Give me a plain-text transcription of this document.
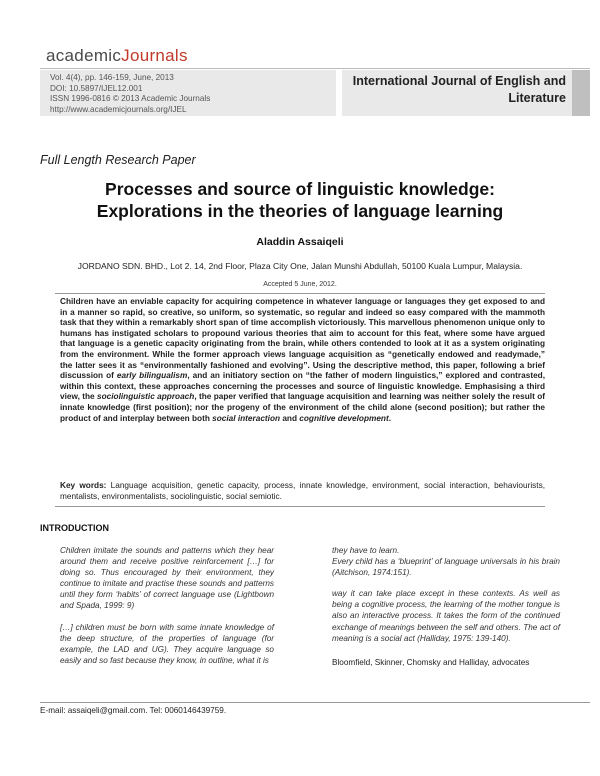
academicJournals
Vol. 4(4), pp. 146-159, June, 2013
DOI: 10.5897/IJEL12.001
ISSN 1996-0816 © 2013 Academic Journals
http://www.academicjournals.org/IJEL
International Journal of English and
Literature
Full Length Research Paper
Processes and source of linguistic knowledge:
Explorations in the theories of language learning
Aladdin Assaiqeli
JORDANO SDN. BHD., Lot 2. 14, 2nd Floor, Plaza City One, Jalan Munshi Abdullah, 50100 Kuala Lumpur, Malaysia.
Accepted 5 June, 2012.
Children have an enviable capacity for acquiring competence in whatever language or languages they get exposed to and in a manner so rapid, so creative, so uniform, so systematic, so regular and indeed so easy compared with the mammoth task that they within a remarkably short span of time accomplish victoriously. This marvellous phenomenon unique only to humans has instigated scholars to propound various theories that aim to account for this feat, where some have argued that language is a genetic capacity originating from the brain, while others contended to look at it as a system originating from the environment. While the former approach views language acquisition as “genetically endowed and readymade,” the latter sees it as “environmentally fashioned and evolving”. Using the descriptive method, this paper, following a brief discussion of early bilingualism, and an initiatory section on “the father of modern linguistics,” explored and contrasted, within this context, these approaches concerning the processes and source of linguistic knowledge. Emphasising a third view, the sociolinguistic approach, the paper verified that language acquisition and learning was neither solely the result of innate knowledge (first position); nor the progeny of the environment of the child alone (second position); but rather the product of and interplay between both social interaction and cognitive development.
Key words: Language acquisition, genetic capacity, process, innate knowledge, environment, social interaction, behaviourists, mentalists, environmentalists, sociolinguistic, social semiotic.
INTRODUCTION

Children imitate the sounds and patterns which they hear around them and receive positive reinforcement […] for doing so. Thus encouraged by their environment, they continue to imitate and practise these sounds and patterns until they form ‘habits’ of correct language use (Lightbown and Spada, 1999: 9)

[…] children must be born with some innate knowledge of the deep structure, of the properties of language (for example, the LAD and UG). They acquire language so easily and so fast because they know, in outline, what it is

they have to learn.

Every child has a ‘blueprint’ of language universals in his brain (Aitchison, 1974:151).

way it can take place except in these contexts. As well as being a cognitive process, the learning of the mother tongue is also an interactive process. It takes the form of the continued exchange of meanings between the self and others. The act of meaning is a social act (Halliday, 1975: 139-140).

Bloomfield, Skinner, Chomsky and Halliday, advocates

E-mail: assaiqeli@gmail.com. Tel: 0060146439759.
